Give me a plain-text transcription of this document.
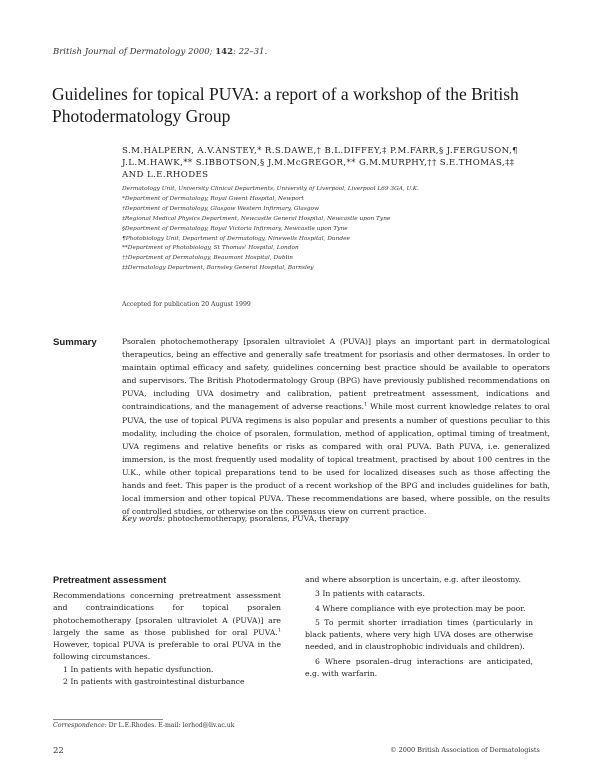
British Journal of Dermatology 2000; 142: 22–31.
Guidelines for topical PUVA: a report of a workshop of the British Photodermatology Group
S.M.HALPERN, A.V.ANSTEY,* R.S.DAWE,† B.L.DIFFEY,‡ P.M.FARR,§ J.FERGUSON,¶
J.L.M.HAWK,** S.IBBOTSON,§ J.M.McGREGOR,** G.M.MURPHY,†† S.E.THOMAS,‡‡
AND L.E.RHODES
Dermatology Unit, University Clinical Departments, University of Liverpool, Liverpool L69 3GA, U.K.
*Department of Dermatology, Royal Gwent Hospital, Newport
†Department of Dermatology, Glasgow Western Infirmary, Glasgow
‡Regional Medical Physics Department, Newcastle General Hospital, Newcastle upon Tyne
§Department of Dermatology, Royal Victoria Infirmary, Newcastle upon Tyne
¶Photobiology Unit, Department of Dermatology, Ninewells Hospital, Dundee
**Department of Photobiology, St Thomas' Hospital, London
††Department of Dermatology, Beaumont Hospital, Dublin
‡‡Dermatology Department, Barnsley General Hospital, Barnsley
Accepted for publication 20 August 1999
Summary	Psoralen photochemotherapy [psoralen ultraviolet A (PUVA)] plays an important part in dermatological therapeutics, being an effective and generally safe treatment for psoriasis and other dermatoses. In order to maintain optimal efficacy and safety, guidelines concerning best practice should be available to operators and supervisors. The British Photodermatology Group (BPG) have previously published recommendations on PUVA, including UVA dosimetry and calibration, patient pretreatment assessment, indications and contraindications, and the management of adverse reactions.$^1$ While most current knowledge relates to oral PUVA, the use of topical PUVA regimens is also popular and presents a number of questions peculiar to this modality, including the choice of psoralen, formulation, method of application, optimal timing of treatment, UVA regimens and relative benefits or risks as compared with oral PUVA. Bath PUVA, i.e. generalized immersion, is the most frequently used modality of topical treatment, practised by about 100 centres in the U.K., while other topical preparations tend to be used for localized diseases such as those affecting the hands and feet. This paper is the product of a recent workshop of the BPG and includes guidelines for bath, local immersion and other topical PUVA. These recommendations are based, where possible, on the results of controlled studies, or otherwise on the consensus view on current practice.
Key words: photochemotherapy, psoralens, PUVA, therapy
Pretreatment assessment

Recommendations concerning pretreatment assessment and contraindications for topical psoralen photochemotherapy [psoralen ultraviolet A (PUVA)] are largely the same as those published for oral PUVA.$^1$ However, topical PUVA is preferable to oral PUVA in the following circumstances.

1 In patients with hepatic dysfunction.

2 In patients with gastrointestinal disturbance

and where absorption is uncertain, e.g. after ileostomy.

3 In patients with cataracts.

4 Where compliance with eye protection may be poor.

5 To permit shorter irradiation times (particularly in black patients, where very high UVA doses are otherwise needed, and in claustrophobic individuals and children).

6 Where psoralen–drug interactions are anticipated, e.g. with warfarin.

Correspondence: Dr L.E.Rhodes. E-mail: lerhod@liv.ac.uk
22	© 2000 British Association of Dermatologists
